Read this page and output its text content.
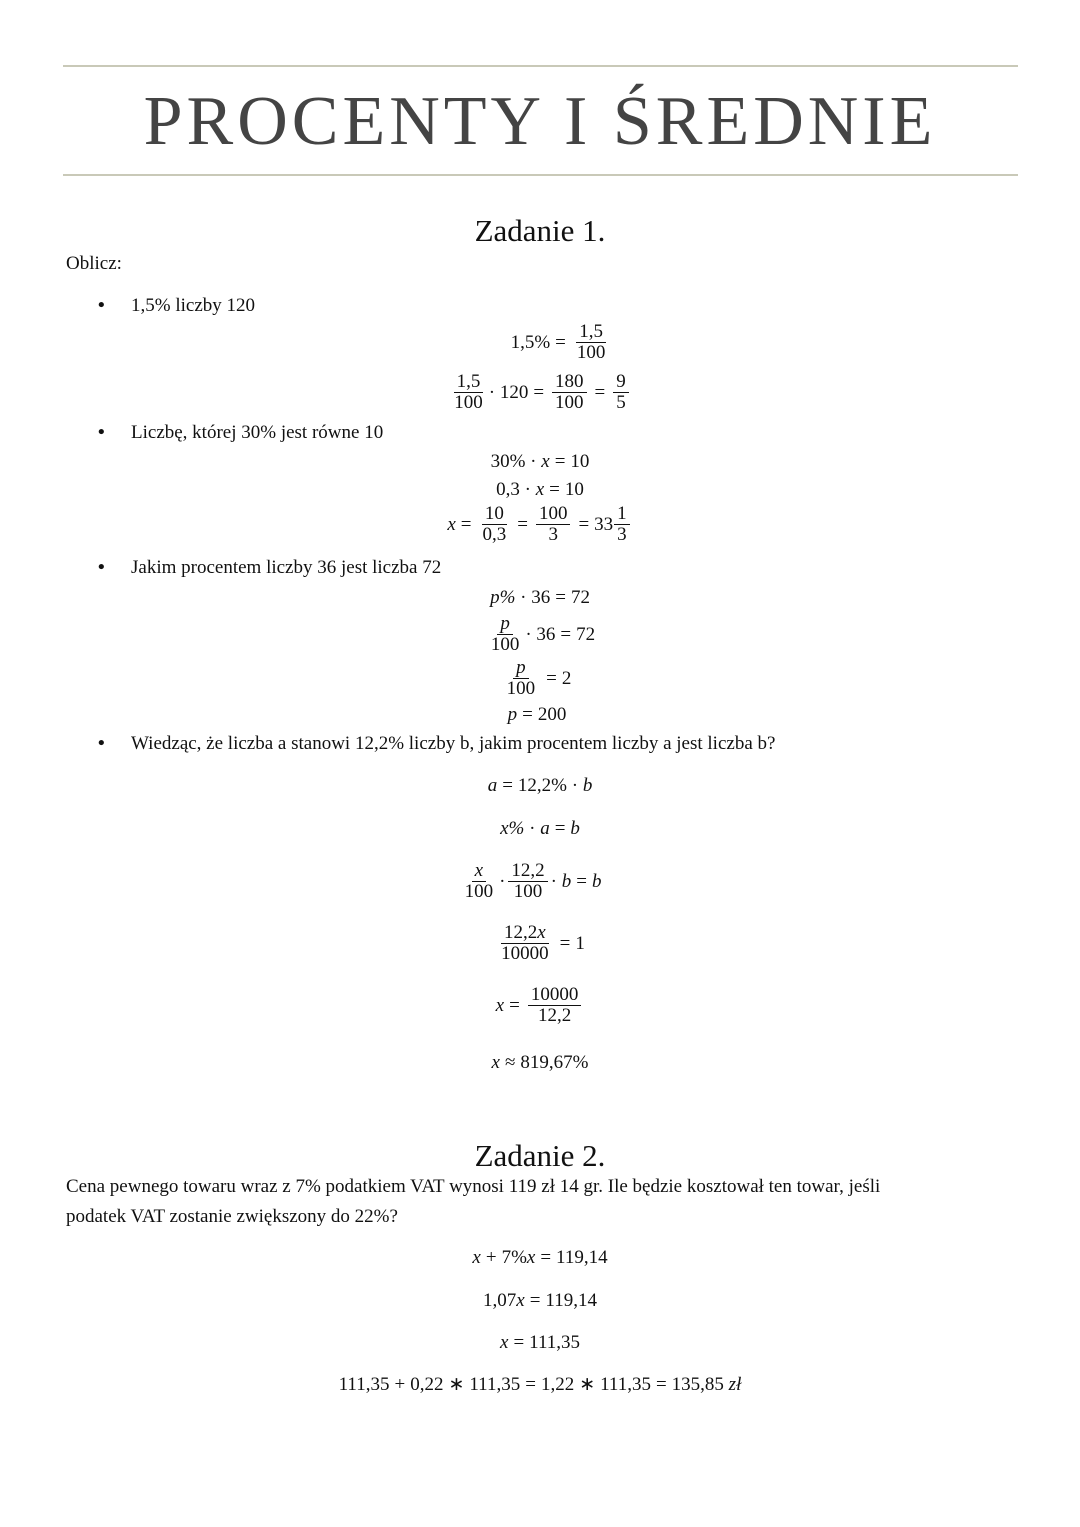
PROCENTY I ŚREDNIE
Zadanie 1.
Oblicz:
• 1,5% liczby 120
$1,5\% = \frac{1,5}{100}$
$\frac{1,5}{100}$ ·
$120 = \frac{180}{100} = \frac{9}{5}$
• Liczbę, której 30% jest równe 10
30%
·
x = 10
0,3
·
x = 10
$x = \frac{10}{0,3} = \frac{100}{3} = 33 \frac{1}{3}$
• Jakim procentem liczby 36 jest liczba 72
p%
·
36 = 72
$\frac{p}{100}$ ·
36 = 72
$\frac{p}{100} = 2$
p = 200
• Wiedząc, że liczba a stanowi 12,2% liczby b, jakim procentem liczby a jest liczba b?
a = 12,2%
·
b
x%
·
a = b
$\frac{x}{100} \cdot \frac{12,2}{100}$ ·
b = b
$\frac{12,2x}{10000} = 1$
$x = \frac{10000}{12,2}$
x ≈ 819,67%
Zadanie 2.
Cena pewnego towaru wraz z 7% podatkiem VAT wynosi 119 zł 14 gr. Ile będzie kosztował ten towar, jeśli
podatek VAT zostanie zwiększony do 22%?
x + 7% x = 119,14
1,07 x = 119,14
x = 111,35
111,35 + 0,22 ∗ 111,35 = 1,22 ∗ 111,35 = 135,85
zł
